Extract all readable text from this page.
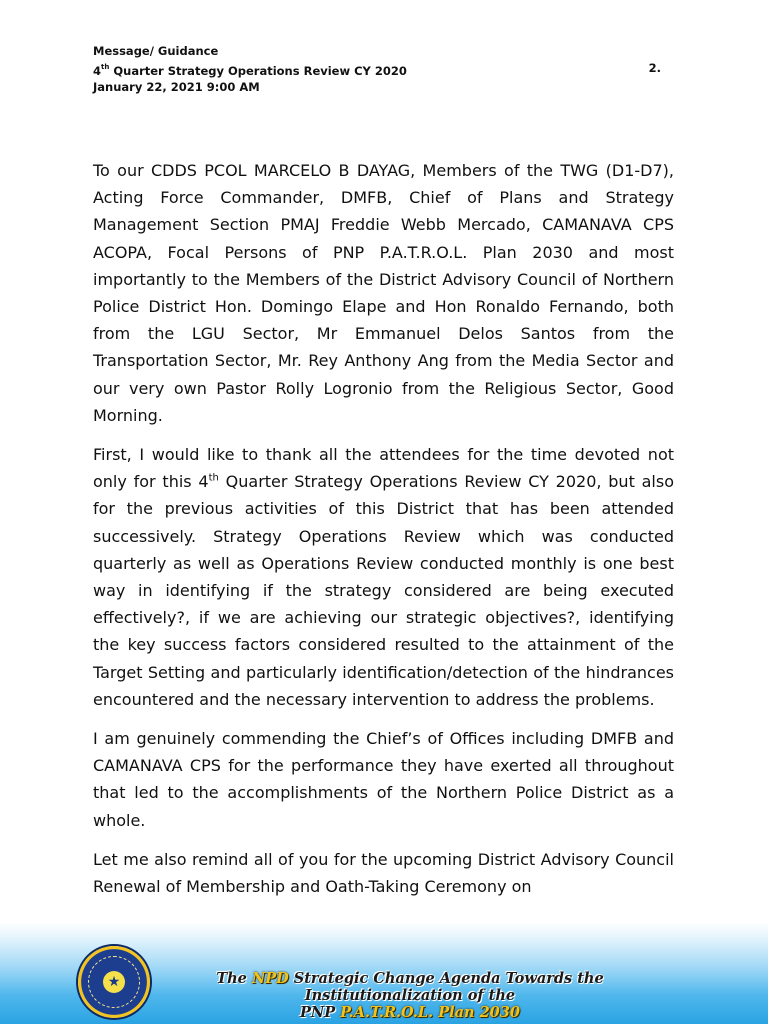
Message/ Guidance
4th Quarter Strategy Operations Review CY 2020	2.
January 22, 2021 9:00 AM

To our CDDS PCOL MARCELO B DAYAG, Members of the TWG (D1-D7), Acting Force Commander, DMFB, Chief of Plans and Strategy Management Section PMAJ Freddie Webb Mercado, CAMANAVA CPS ACOPA, Focal Persons of PNP P.A.T.R.O.L. Plan 2030 and most importantly to the Members of the District Advisory Council of Northern Police District Hon. Domingo Elape and Hon Ronaldo Fernando, both from the LGU Sector, Mr Emmanuel Delos Santos from the Transportation Sector, Mr. Rey Anthony Ang from the Media Sector and our very own Pastor Rolly Logronio from the Religious Sector, Good Morning.

First, I would like to thank all the attendees for the time devoted not only for this 4th Quarter Strategy Operations Review CY 2020, but also for the previous activities of this District that has been attended successively. Strategy Operations Review which was conducted quarterly as well as Operations Review conducted monthly is one best way in identifying if the strategy considered are being executed effectively?, if we are achieving our strategic objectives?, identifying the key success factors considered resulted to the attainment of the Target Setting and particularly identification/detection of the hindrances encountered and the necessary intervention to address the problems.

I am genuinely commending the Chief’s of Offices including DMFB and CAMANAVA CPS for the performance they have exerted all throughout that led to the accomplishments of the Northern Police District as a whole.

Let me also remind all of you for the upcoming District Advisory Council Renewal of Membership and Oath-Taking Ceremony on

★	The NPD Strategic Change Agenda Towards the Institutionalization of the
PNP P.A.T.R.O.L. Plan 2030
